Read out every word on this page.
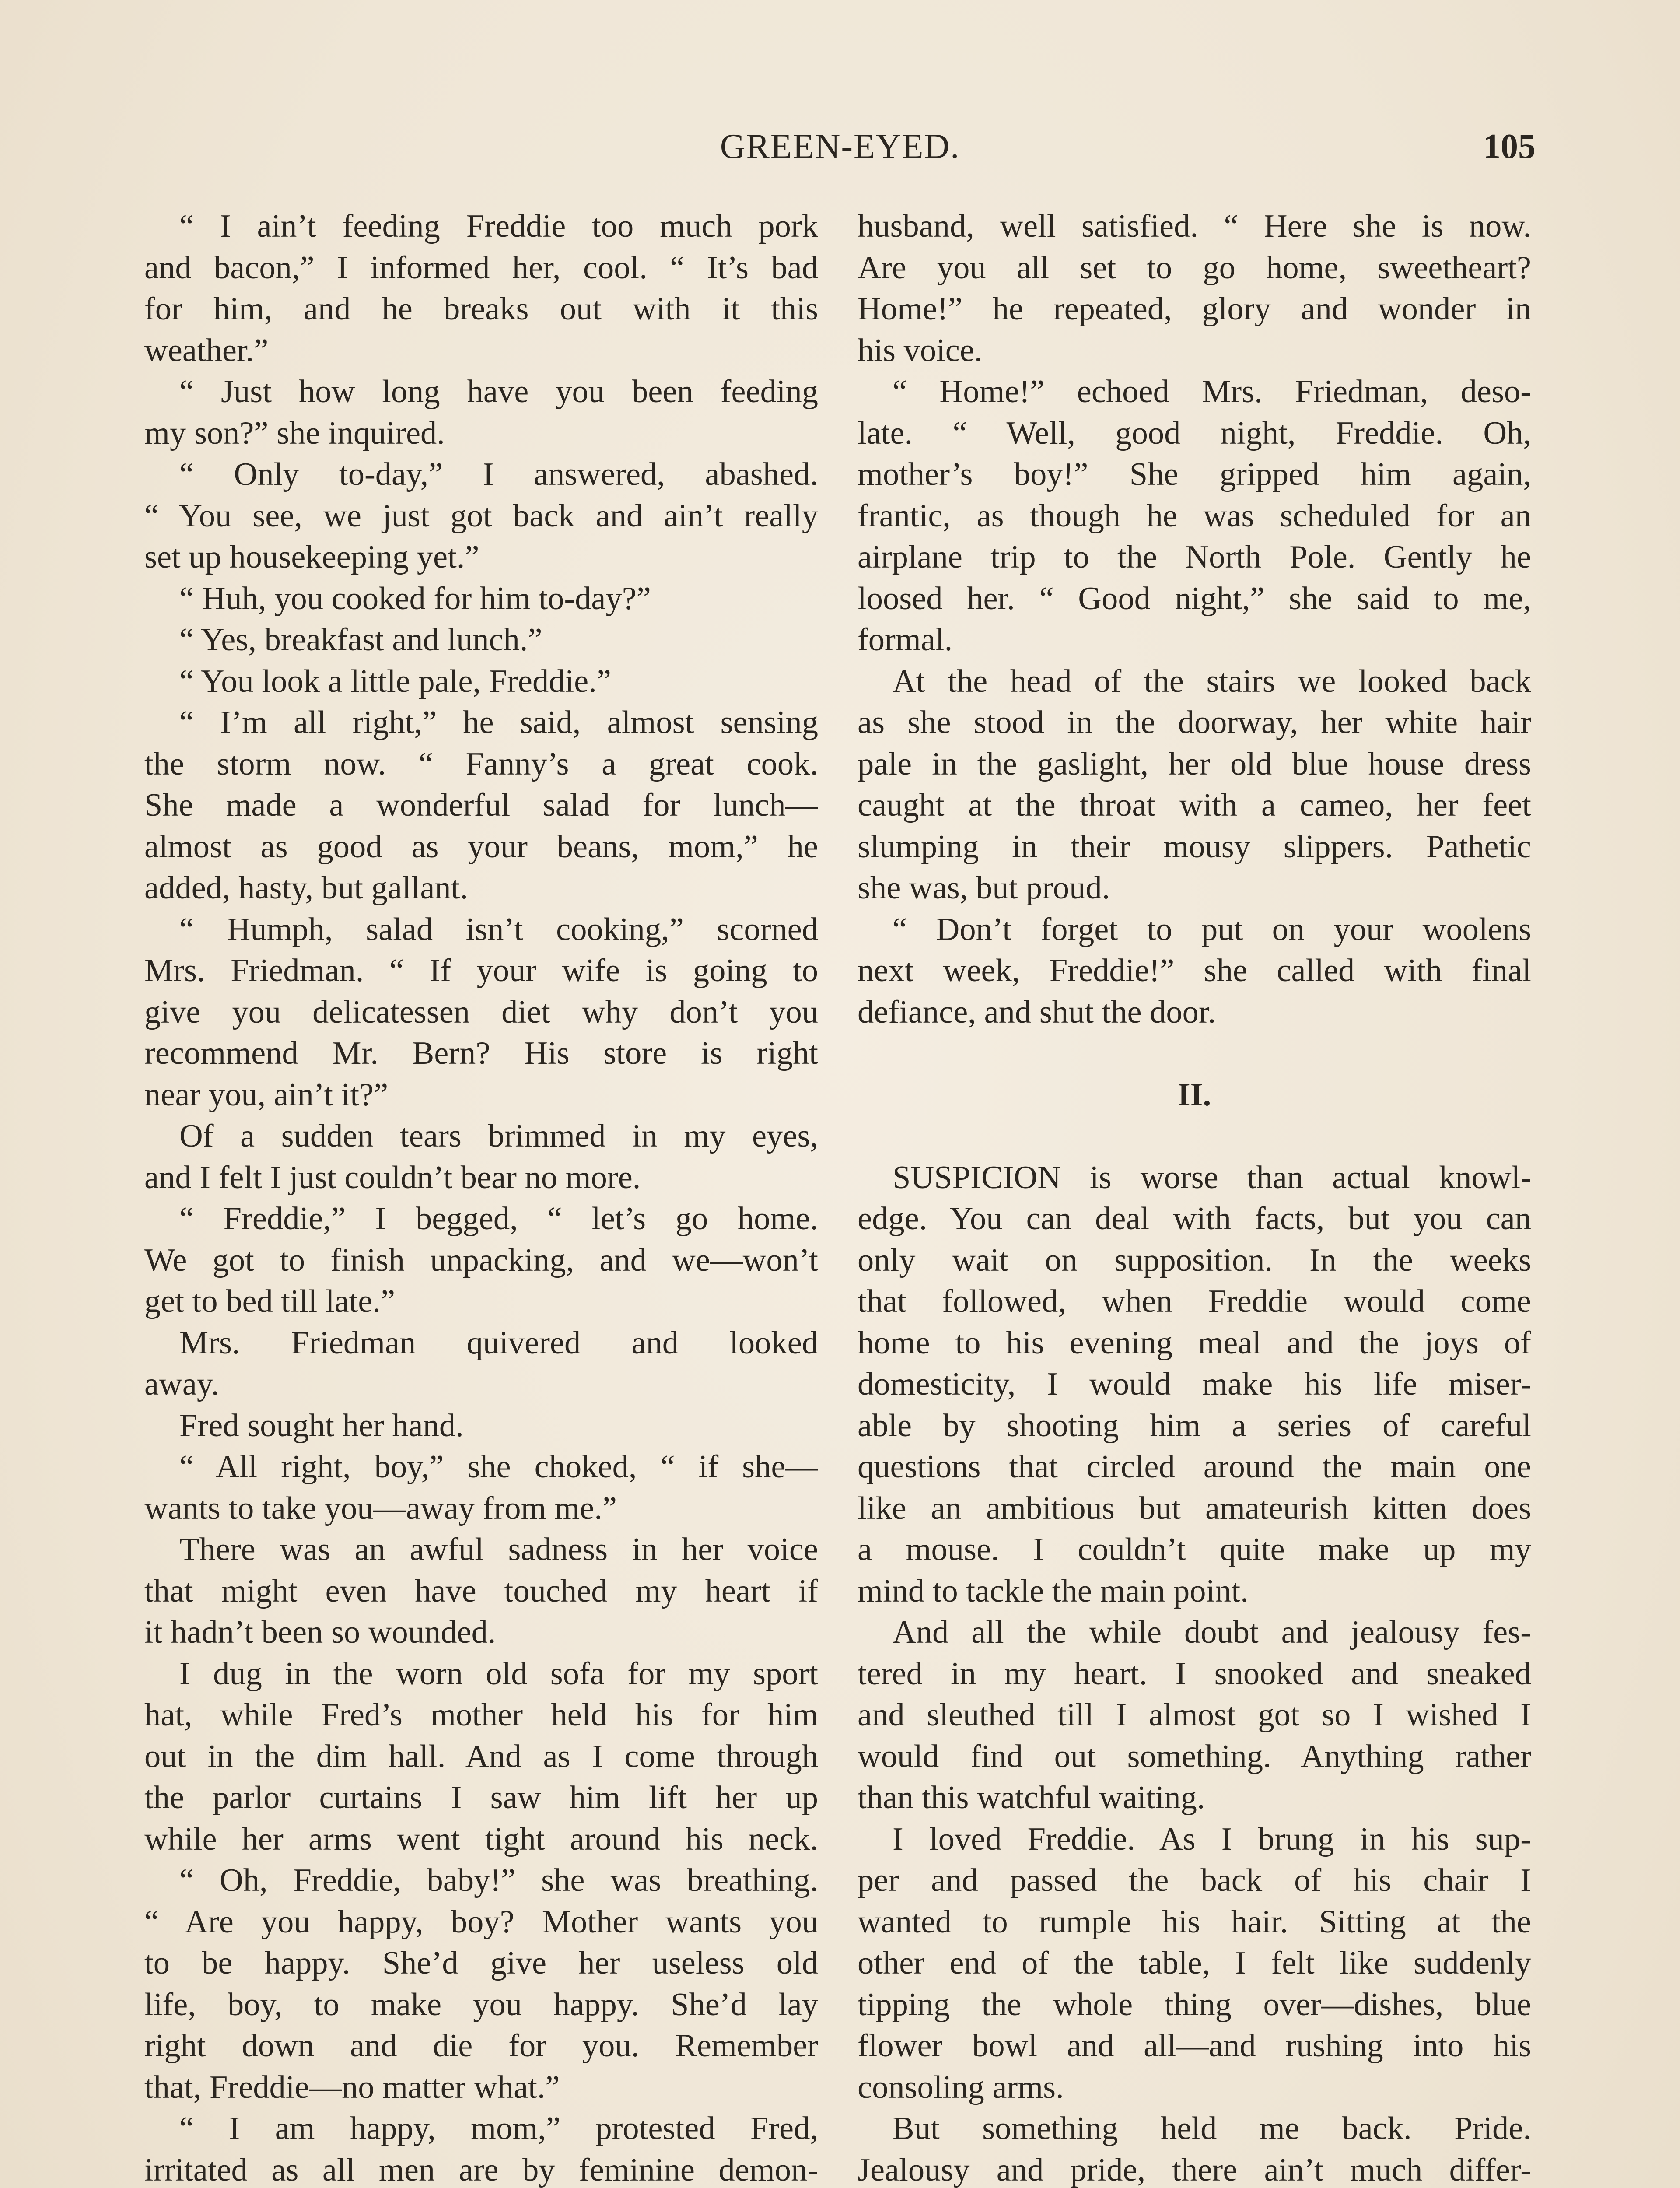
GREEN-EYED.	105
“ I ain’t feeding Freddie too much pork
and bacon,” I informed her, cool. “ It’s bad
for him, and he breaks out with it this
weather.”
“ Just how long have you been feeding
my son?” she inquired.
“ Only to-day,” I answered, abashed.
“ You see, we just got back and ain’t really
set up housekeeping yet.”
“ Huh, you cooked for him to-day?”
“ Yes, breakfast and lunch.”
“ You look a little pale, Freddie.”
“ I’m all right,” he said, almost sensing
the storm now. “ Fanny’s a great cook.
She made a wonderful salad for lunch—
almost as good as your beans, mom,” he
added, hasty, but gallant.
“ Humph, salad isn’t cooking,” scorned
Mrs. Friedman. “ If your wife is going to
give you delicatessen diet why don’t you
recommend Mr. Bern? His store is right
near you, ain’t it?”
Of a sudden tears brimmed in my eyes,
and I felt I just couldn’t bear no more.
“ Freddie,” I begged, “ let’s go home.
We got to finish unpacking, and we—won’t
get to bed till late.”
Mrs. Friedman quivered and looked
away.
Fred sought her hand.
“ All right, boy,” she choked, “ if she—
wants to take you—away from me.”
There was an awful sadness in her voice
that might even have touched my heart if
it hadn’t been so wounded.
I dug in the worn old sofa for my sport
hat, while Fred’s mother held his for him
out in the dim hall. And as I come through
the parlor curtains I saw him lift her up
while her arms went tight around his neck.
“ Oh, Freddie, baby!” she was breathing.
“ Are you happy, boy? Mother wants you
to be happy. She’d give her useless old
life, boy, to make you happy. She’d lay
right down and die for you. Remember
that, Freddie—no matter what.”
“ I am happy, mom,” protested Fred,
irritated as all men are by feminine demon-
husband, well satisfied. “ Here she is now.
Are you all set to go home, sweetheart?
Home!” he repeated, glory and wonder in
his voice.
“ Home!” echoed Mrs. Friedman, deso-
late. “ Well, good night, Freddie. Oh,
mother’s boy!” She gripped him again,
frantic, as though he was scheduled for an
airplane trip to the North Pole. Gently he
loosed her. “ Good night,” she said to me,
formal.
At the head of the stairs we looked back
as she stood in the doorway, her white hair
pale in the gaslight, her old blue house dress
caught at the throat with a cameo, her feet
slumping in their mousy slippers. Pathetic
she was, but proud.
“ Don’t forget to put on your woolens
next week, Freddie!” she called with final
defiance, and shut the door.
II.
SUSPICION is worse than actual knowl-
edge. You can deal with facts, but you can
only wait on supposition. In the weeks
that followed, when Freddie would come
home to his evening meal and the joys of
domesticity, I would make his life miser-
able by shooting him a series of careful
questions that circled around the main one
like an ambitious but amateurish kitten does
a mouse. I couldn’t quite make up my
mind to tackle the main point.
And all the while doubt and jealousy fes-
tered in my heart. I snooked and sneaked
and sleuthed till I almost got so I wished I
would find out something. Anything rather
than this watchful waiting.
I loved Freddie. As I brung in his sup-
per and passed the back of his chair I
wanted to rumple his hair. Sitting at the
other end of the table, I felt like suddenly
tipping the whole thing over—dishes, blue
flower bowl and all—and rushing into his
consoling arms.
But something held me back. Pride.
Jealousy and pride, there ain’t much differ-
